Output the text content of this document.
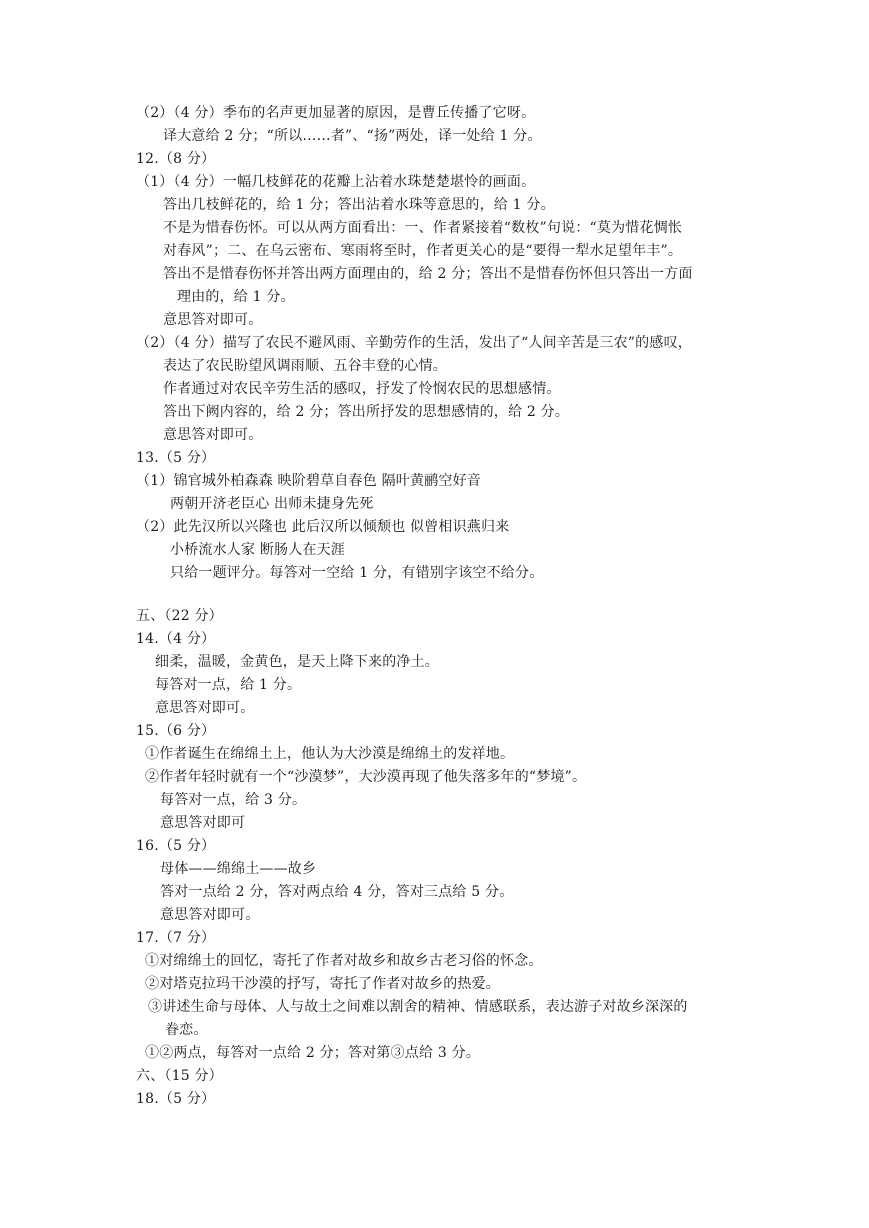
（2）（4 分）季布的名声更加显著的原因，是曹丘传播了它呀。
译大意给 2 分；“所以……者”、“扬”两处，译一处给 1 分。
12.（8 分）
（1）（4 分）一幅几枝鲜花的花瓣上沾着水珠楚楚堪怜的画面。
答出几枝鲜花的，给 1 分；答出沾着水珠等意思的，给 1 分。
不是为惜春伤怀。可以从两方面看出：一、作者紧接着“数枚”句说：“莫为惜花惆怅
对春风”；二、在乌云密布、寒雨将至时，作者更关心的是“要得一犁水足望年丰”。
答出不是惜春伤怀并答出两方面理由的，给 2 分；答出不是惜春伤怀但只答出一方面
理由的，给 1 分。
意思答对即可。
（2）（4 分）描写了农民不避风雨、辛勤劳作的生活，发出了“人间辛苦是三农”的感叹，
表达了农民盼望风调雨顺、五谷丰登的心情。
作者通过对农民辛劳生活的感叹，抒发了怜悯农民的思想感情。
答出下阙内容的，给 2 分；答出所抒发的思想感情的，给 2 分。
意思答对即可。
13.（5 分）
（1）锦官城外柏森森 映阶碧草自春色 隔叶黄鹂空好音
两朝开济老臣心 出师未捷身先死
（2）此先汉所以兴隆也 此后汉所以倾颓也 似曾相识燕归来
小桥流水人家 断肠人在天涯
只给一题评分。每答对一空给 1 分，有错别字该空不给分。
五、（22 分）
14.（4 分）
细柔，温暖，金黄色，是天上降下来的净土。
每答对一点，给 1 分。
意思答对即可。
15.（6 分）
①作者诞生在绵绵土上，他认为大沙漠是绵绵土的发祥地。
②作者年轻时就有一个“沙漠梦”，大沙漠再现了他失落多年的“梦境”。
每答对一点，给 3 分。
意思答对即可
16.（5 分）
母体——绵绵土——故乡
答对一点给 2 分，答对两点给 4 分，答对三点给 5 分。
意思答对即可。
17.（7 分）
①对绵绵土的回忆，寄托了作者对故乡和故乡古老习俗的怀念。
②对塔克拉玛干沙漠的抒写，寄托了作者对故乡的热爱。
③讲述生命与母体、人与故土之间难以割舍的精神、情感联系，表达游子对故乡深深的
眷恋。
①②两点，每答对一点给 2 分；答对第③点给 3 分。
六、（15 分）
18.（5 分）
